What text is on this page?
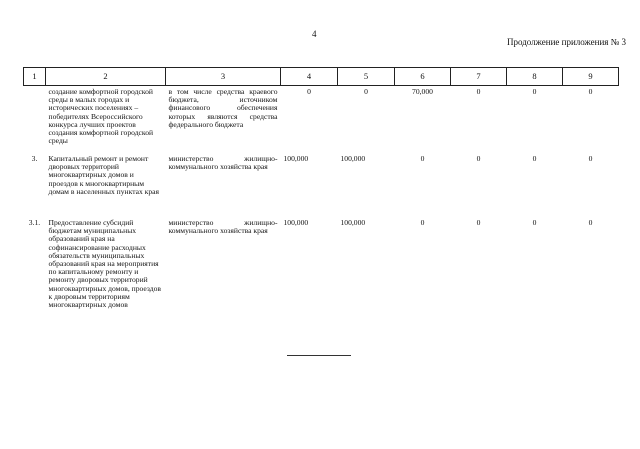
4
Продолжение приложения № 3
1	2	3	4	5	6	7	8	9
	создание комфортной городской среды в малых городах и исторических поселениях – победителях Всероссийского конкурса лучших проектов создания комфортной городской среды	в том числе средства краевого бюджета, источником финансового обеспечения которых являются средства федерального бюджета	0	0	70,000	0	0	0
3.	Капитальный ремонт и ремонт дворовых территорий многоквартирных домов и проездов к многоквартирным домам в населенных пунктах края	министерство жилищно-коммунального хозяйства края	100,000	100,000	0	0	0	0
3.1.	Предоставление субсидий бюджетам муниципальных образований края на софинансирование расходных обязательств муниципальных образований края на мероприятия по капитальному ремонту и ремонту дворовых территорий многоквартирных домов, проездов к дворовым территориям многоквартирных домов	министерство жилищно-коммунального хозяйства края	100,000	100,000	0	0	0	0
